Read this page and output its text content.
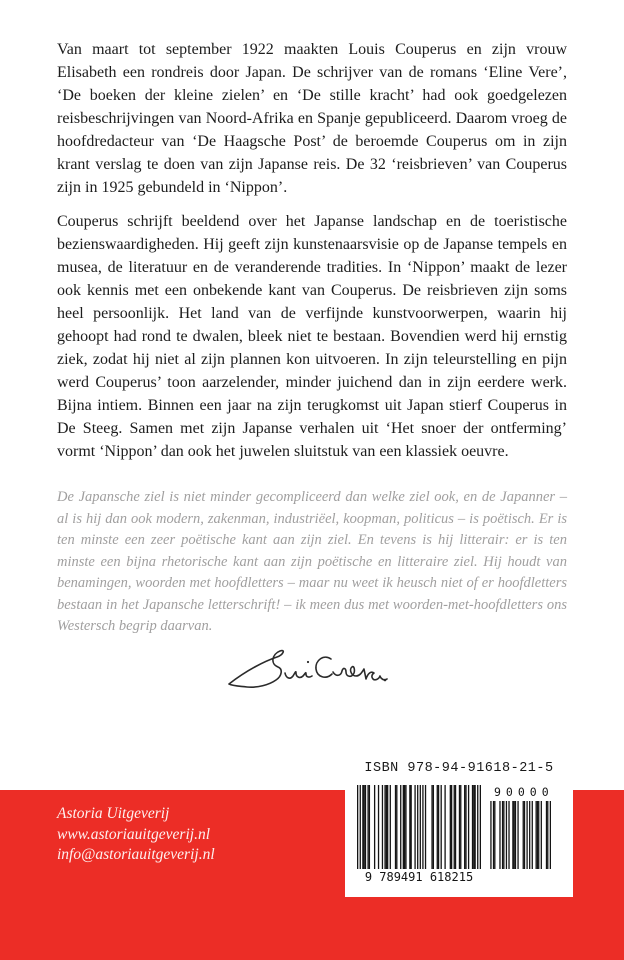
Van maart tot september 1922 maakten Louis Couperus en zijn vrouw Elisabeth een rondreis door Japan. De schrijver van de romans ‘Eline Vere’, ‘De boeken der kleine zielen’ en ‘De stille kracht’ had ook goedgelezen reisbeschrijvingen van Noord-Afrika en Spanje gepubliceerd. Daarom vroeg de hoofdredacteur van ‘De Haagsche Post’ de beroemde Couperus om in zijn krant verslag te doen van zijn Japanse reis. De 32 ‘reisbrieven’ van Couperus zijn in 1925 gebundeld in ‘Nippon’.

Couperus schrijft beeldend over het Japanse landschap en de toeristische bezienswaardigheden. Hij geeft zijn kunstenaarsvisie op de Japanse tempels en musea, de literatuur en de veranderende tradities. In ‘Nippon’ maakt de lezer ook kennis met een onbekende kant van Couperus. De reisbrieven zijn soms heel persoonlijk. Het land van de verfijnde kunstvoorwerpen, waarin hij gehoopt had rond te dwalen, bleek niet te bestaan. Bovendien werd hij ernstig ziek, zodat hij niet al zijn plannen kon uitvoeren. In zijn teleurstelling en pijn werd Couperus’ toon aarzelender, minder juichend dan in zijn eerdere werk. Bijna intiem. Binnen een jaar na zijn terugkomst uit Japan stierf Couperus in De Steeg. Samen met zijn Japanse verhalen uit ‘Het snoer der ontferming’ vormt ‘Nippon’ dan ook het juwelen sluitstuk van een klassiek oeuvre.

De Japansche ziel is niet minder gecompliceerd dan welke ziel ook, en de Japanner – al is hij dan ook modern, zakenman, industriëel, koopman, politicus – is poëtisch. Er is ten minste een zeer poëtische kant aan zijn ziel. En tevens is hij litterair: er is ten minste een bijna rhetorische kant aan zijn poëtische en litteraire ziel. Hij houdt van benamingen, woorden met hoofdletters – maar nu weet ik heusch niet of er hoofdletters bestaan in het Japansche letterschrift! – ik meen dus met woorden-met-hoofdletters ons Westersch begrip daarvan.
Astoria Uitgeverij
www.astoriauitgeverij.nl
info@astoriauitgeverij.nl
ISBN 978-94-91618-21-5
9 789491 618215
90000
